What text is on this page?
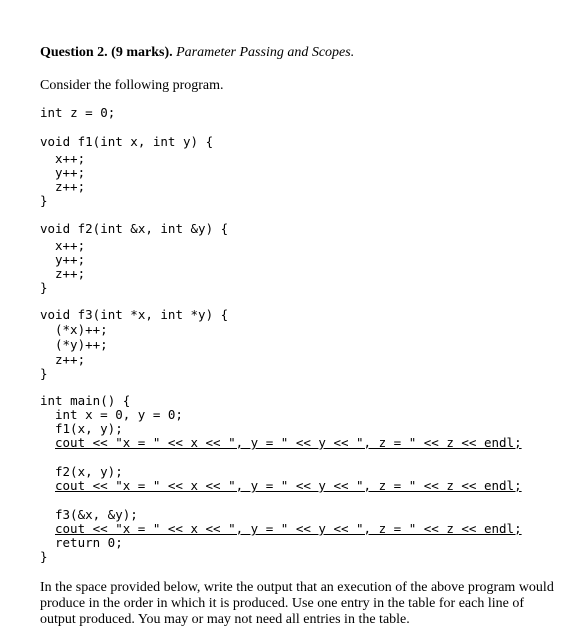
Question 2. (9 marks). Parameter Passing and Scopes.

Consider the following program.

int z = 0;

void f1(int x, int y) {

x++;

y++;

z++;

}

void f2(int &x, int &y) {

x++;

y++;

z++;

}

void f3(int *x, int *y) {

(*x)++;

(*y)++;

z++;

}

int main() {

int x = 0, y = 0;

f1(x, y);

cout << "x = " << x << ", y = " << y << ", z = " << z << endl;

f2(x, y);

cout << "x = " << x << ", y = " << y << ", z = " << z << endl;

f3(&x, &y);

cout << "x = " << x << ", y = " << y << ", z = " << z << endl;

return 0;

}

In the space provided below, write the output that an execution of the above program would produce in the order in which it is produced. Use one entry in the table for each line of output produced. You may or may not need all entries in the table.
